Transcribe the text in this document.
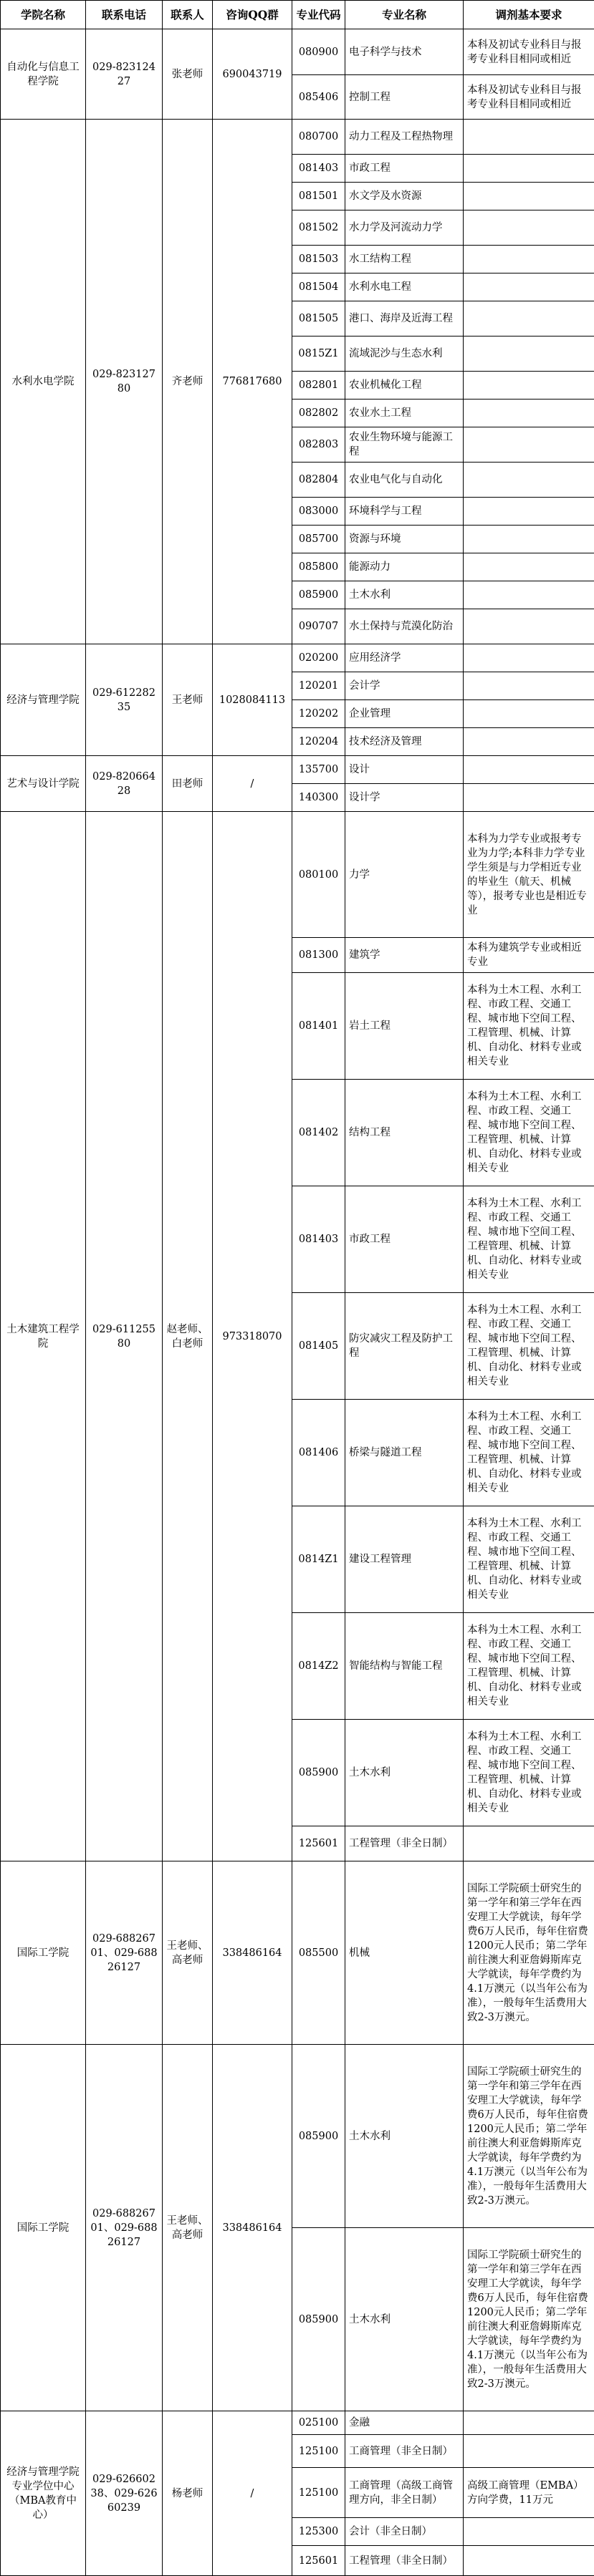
学院名称	联系电话	联系人	咨询QQ群	专业代码	专业名称	调剂基本要求
自动化与信息工程学院	029-82312427	张老师	690043719	080900	电子科学与技术	本科及初试专业科目与报考专业科目相同或相近
				085406	控制工程	本科及初试专业科目与报考专业科目相同或相近
水利水电学院	029-82312780	齐老师	776817680	080700	动力工程及工程热物理	
				081403	市政工程	
				081501	水文学及水资源	
				081502	水力学及河流动力学	
				081503	水工结构工程	
				081504	水利水电工程	
				081505	港口、海岸及近海工程	
				0815Z1	流域泥沙与生态水利	
				082801	农业机械化工程	
				082802	农业水土工程	
				082803	农业生物环境与能源工程	
				082804	农业电气化与自动化	
				083000	环境科学与工程	
				085700	资源与环境	
				085800	能源动力	
				085900	土木水利	
				090707	水土保持与荒漠化防治	
经济与管理学院	029-61228235	王老师	1028084113	020200	应用经济学	
				120201	会计学	
				120202	企业管理	
				120204	技术经济及管理	
艺术与设计学院	029-82066428	田老师	/	135700	设计	
				140300	设计学	
土木建筑工程学院	029-61125580	赵老师、白老师	973318070	080100	力学	本科为力学专业或报考专业为力学;本科非力学专业学生须是与力学相近专业的毕业生（航天、机械等），报考专业也是相近专业
				081300	建筑学	本科为建筑学专业或相近专业
				081401	岩土工程	本科为土木工程、水利工程、市政工程、交通工程、城市地下空间工程、工程管理、机械、计算机、自动化、材料专业或相关专业
				081402	结构工程	本科为土木工程、水利工程、市政工程、交通工程、城市地下空间工程、工程管理、机械、计算机、自动化、材料专业或相关专业
				081403	市政工程	本科为土木工程、水利工程、市政工程、交通工程、城市地下空间工程、工程管理、机械、计算机、自动化、材料专业或相关专业
				081405	防灾减灾工程及防护工程	本科为土木工程、水利工程、市政工程、交通工程、城市地下空间工程、工程管理、机械、计算机、自动化、材料专业或相关专业
				081406	桥梁与隧道工程	本科为土木工程、水利工程、市政工程、交通工程、城市地下空间工程、工程管理、机械、计算机、自动化、材料专业或相关专业
				0814Z1	建设工程管理	本科为土木工程、水利工程、市政工程、交通工程、城市地下空间工程、工程管理、机械、计算机、自动化、材料专业或相关专业
				0814Z2	智能结构与智能工程	本科为土木工程、水利工程、市政工程、交通工程、城市地下空间工程、工程管理、机械、计算机、自动化、材料专业或相关专业
				085900	土木水利	本科为土木工程、水利工程、市政工程、交通工程、城市地下空间工程、工程管理、机械、计算机、自动化、材料专业或相关专业
				125601	工程管理（非全日制）	
国际工学院	029-68826701、029-68826127	王老师、高老师	338486164	085500	机械	国际工学院硕士研究生的第一学年和第三学年在西安理工大学就读，每年学费6万人民币，每年住宿费1200元人民币；第二学年前往澳大利亚詹姆斯库克大学就读，每年学费约为4.1万澳元（以当年公布为准），一般每年生活费用大致2-3万澳元。
国际工学院	029-68826701、029-68826127	王老师、高老师	338486164	085900	土木水利	国际工学院硕士研究生的第一学年和第三学年在西安理工大学就读，每年学费6万人民币，每年住宿费1200元人民币；第二学年前往澳大利亚詹姆斯库克大学就读，每年学费约为4.1万澳元（以当年公布为准），一般每年生活费用大致2-3万澳元。
				085900	土木水利	国际工学院硕士研究生的第一学年和第三学年在西安理工大学就读，每年学费6万人民币，每年住宿费1200元人民币；第二学年前往澳大利亚詹姆斯库克大学就读，每年学费约为4.1万澳元（以当年公布为准），一般每年生活费用大致2-3万澳元。
经济与管理学院专业学位中心（MBA教育中心）	029-62660238、029-62660239	杨老师	/	025100	金融	
				125100	工商管理（非全日制）	
				125100	工商管理（高级工商管理方向，非全日制）	高级工商管理（EMBA）方向学费，11万元
				125300	会计（非全日制）	
				125601	工程管理（非全日制）	
